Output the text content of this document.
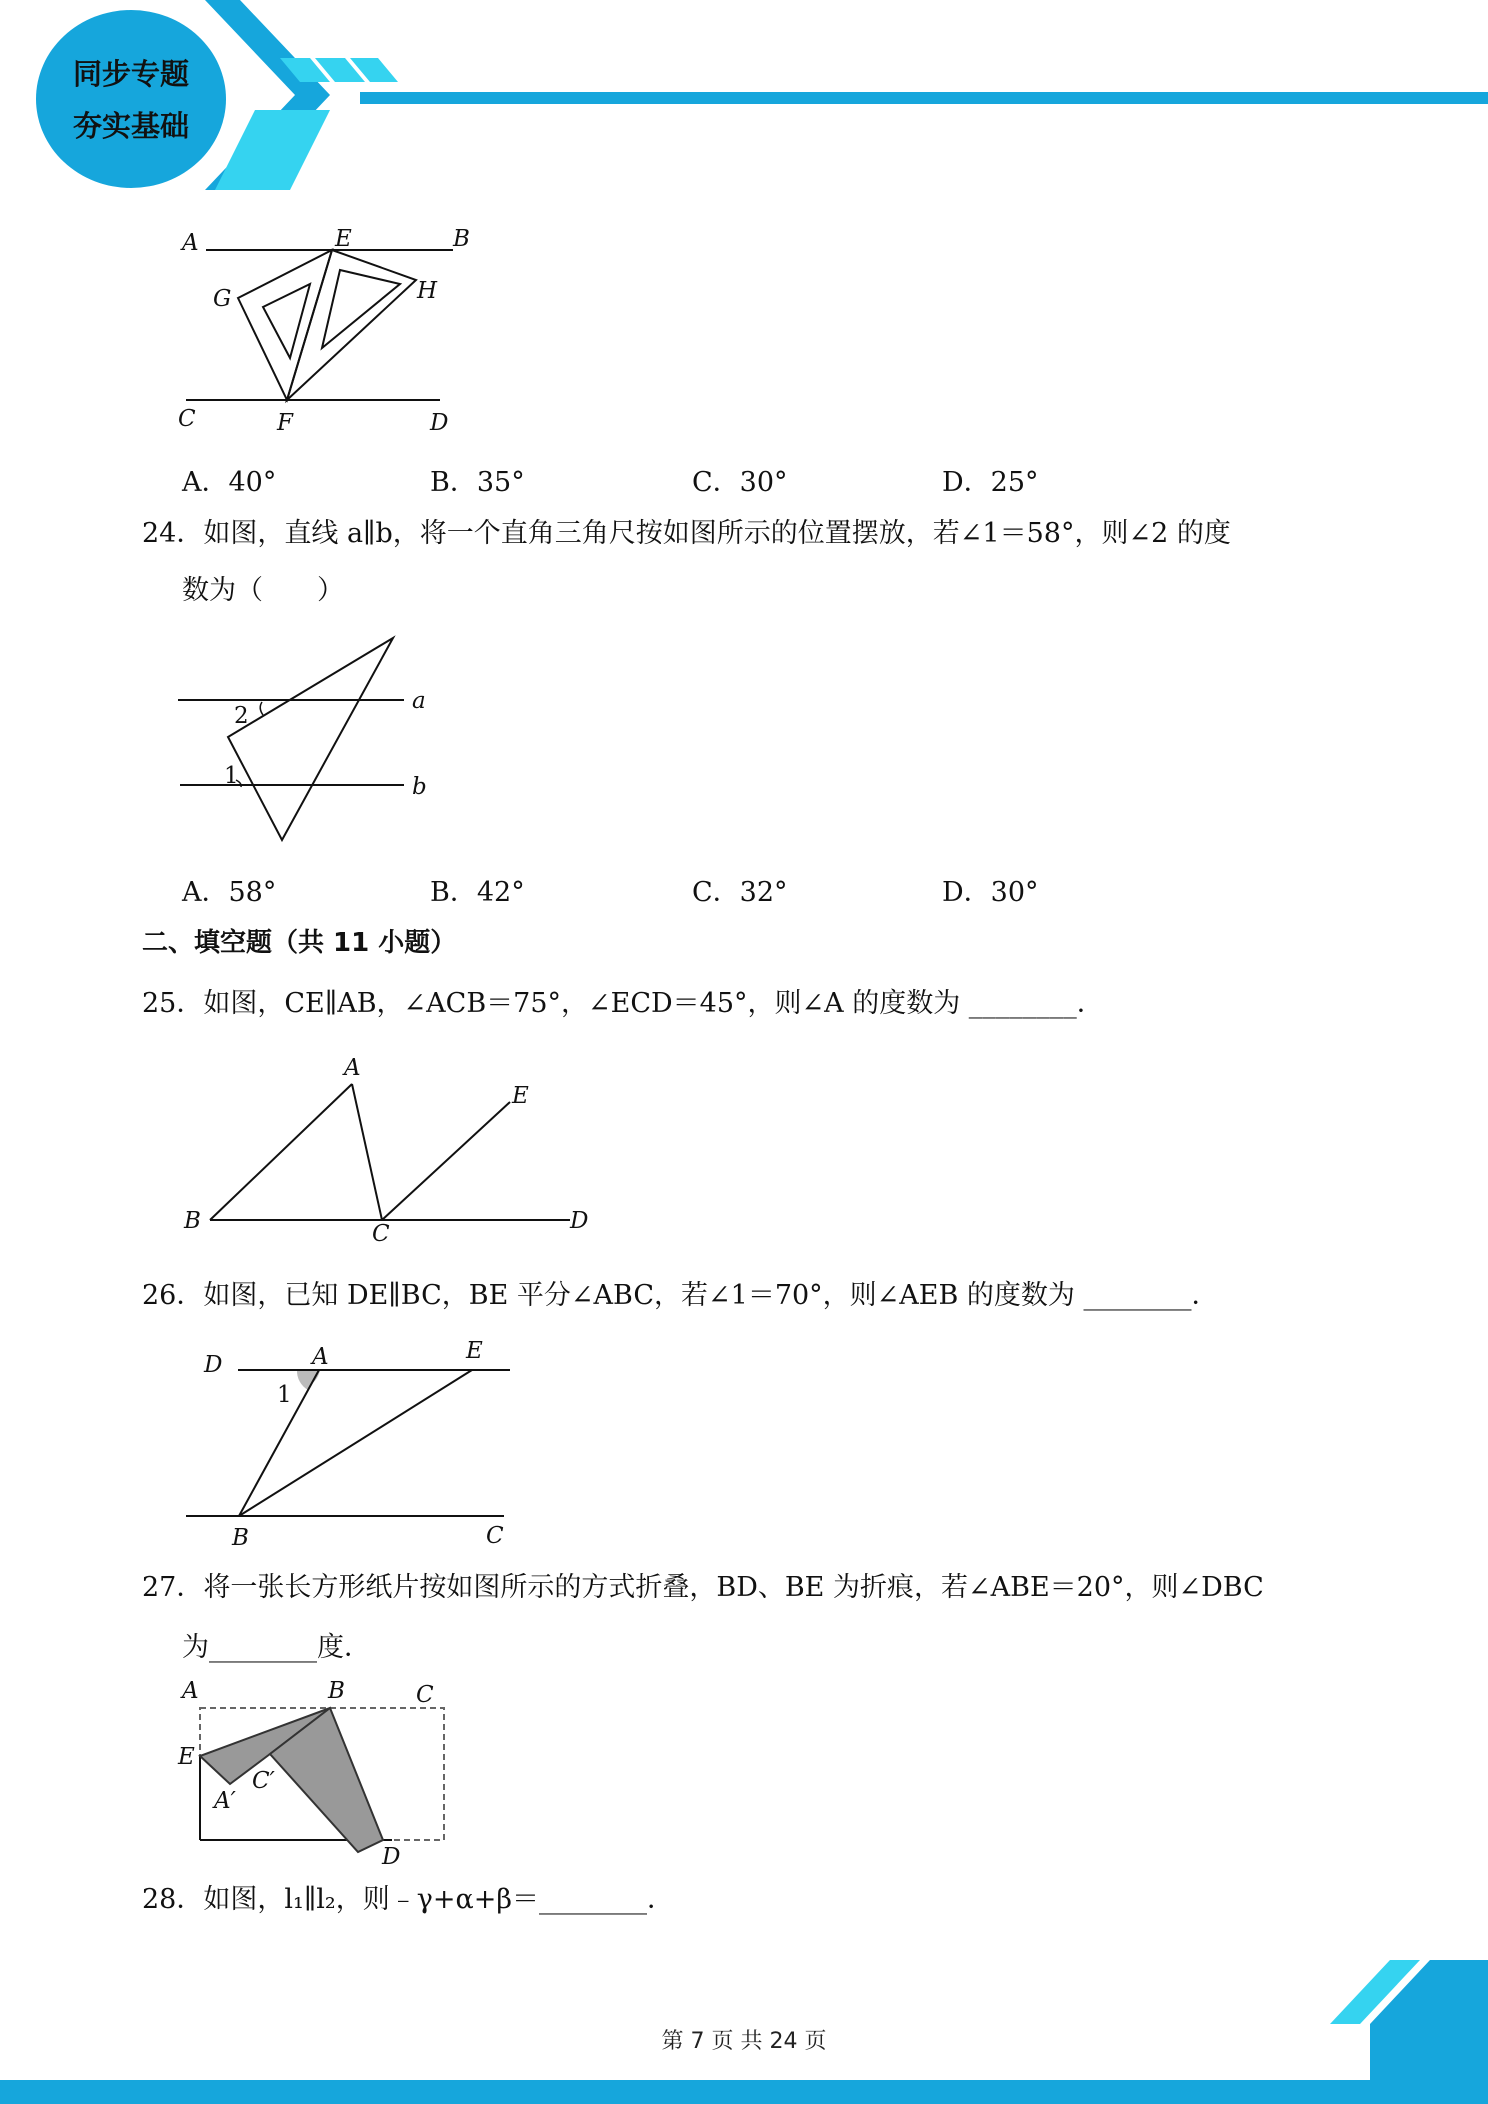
同步专题
夯实基础
A	E	B
G	H
C	F	D
A．40°	B．35°	C．30°	D．25°
24．如图，直线 a∥b，将一个直角三角尺按如图所示的位置摆放，若∠1＝58°，则∠2 的度
数为（　　）
2
a
1	b
A．58°	B．42°	C．32°	D．30°
二、填空题（共 11 小题）
25．如图，CE∥AB，∠ACB＝75°，∠ECD＝45°，则∠A 的度数为 ________．
A
E
B	C	D
26．如图，已知 DE∥BC，BE 平分∠ABC，若∠1＝70°，则∠AEB 的度数为 ________．
D	A	E
1
B	C
27．将一张长方形纸片按如图所示的方式折叠，BD、BE 为折痕，若∠ABE＝20°，则∠DBC
为________度．
A	B	C
E
C′
A′
D
28．如图，l₁∥l₂，则﹣γ+α+β＝________．
第 7 页 共 24 页
